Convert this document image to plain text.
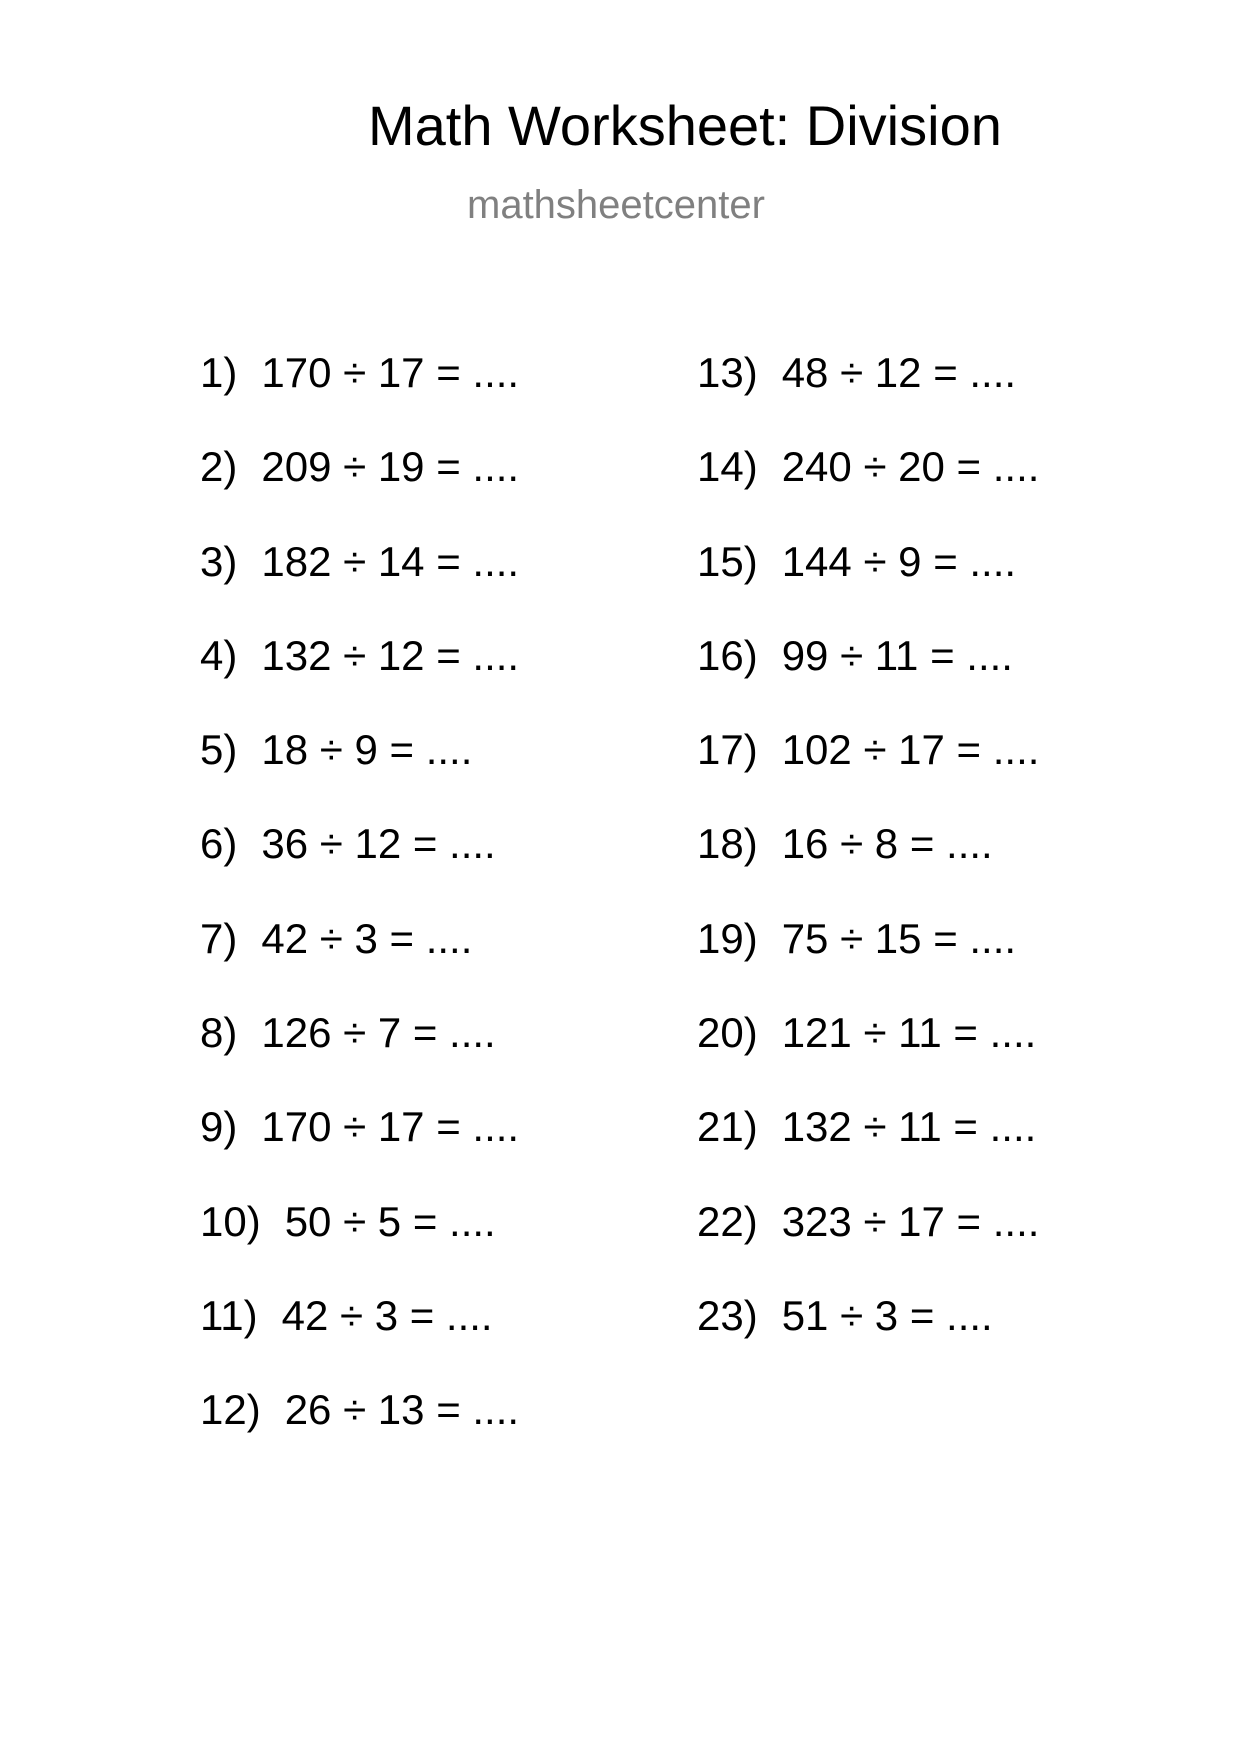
Math Worksheet: Division
mathsheetcenter
1) 170 ÷ 17 = ....
2) 209 ÷ 19 = ....
3) 182 ÷ 14 = ....
4) 132 ÷ 12 = ....
5) 18 ÷ 9 = ....
6) 36 ÷ 12 = ....
7) 42 ÷ 3 = ....
8) 126 ÷ 7 = ....
9) 170 ÷ 17 = ....
10) 50 ÷ 5 = ....
11) 42 ÷ 3 = ....
12) 26 ÷ 13 = ....
13) 48 ÷ 12 = ....
14) 240 ÷ 20 = ....
15) 144 ÷ 9 = ....
16) 99 ÷ 11 = ....
17) 102 ÷ 17 = ....
18) 16 ÷ 8 = ....
19) 75 ÷ 15 = ....
20) 121 ÷ 11 = ....
21) 132 ÷ 11 = ....
22) 323 ÷ 17 = ....
23) 51 ÷ 3 = ....
